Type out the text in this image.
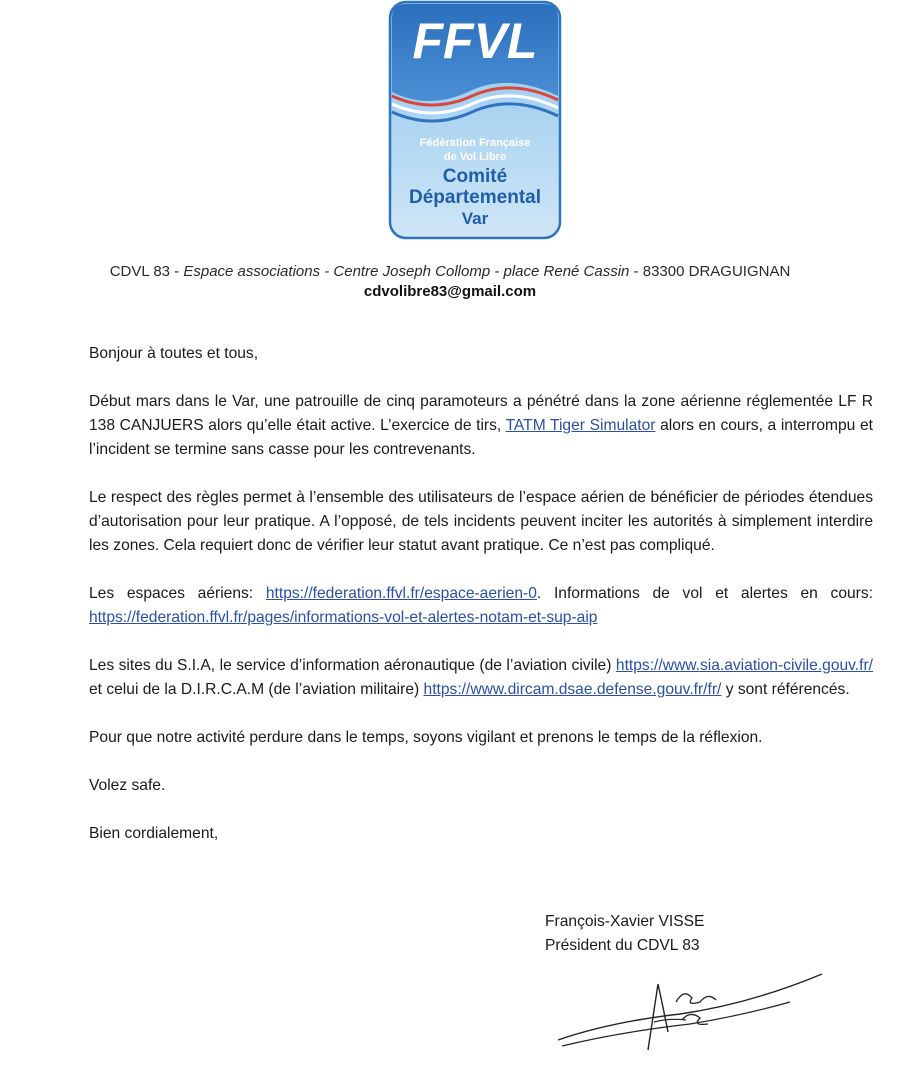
FFVL
Fédération Française
de Vol Libre
Comité
Départemental
Var
CDVL 83 - Espace associations - Centre Joseph Collomp - place René Cassin - 83300 DRAGUIGNAN
cdvolibre83@gmail.com

Bonjour à toutes et tous,

Début mars dans le Var, une patrouille de cinq paramoteurs a pénétré dans la zone aérienne réglementée LF R 138 CANJUERS alors qu’elle était active. L’exercice de tirs, TATM Tiger Simulator alors en cours, a interrompu et l’incident se termine sans casse pour les contrevenants.

Le respect des règles permet à l’ensemble des utilisateurs de l’espace aérien de bénéficier de périodes étendues d’autorisation pour leur pratique. A l’opposé, de tels incidents peuvent inciter les autorités à simplement interdire les zones. Cela requiert donc de vérifier leur statut avant pratique. Ce n’est pas compliqué.

Les espaces aériens: https://federation.ffvl.fr/espace-aerien-0. Informations de vol et alertes en cours: https://federation.ffvl.fr/pages/informations-vol-et-alertes-notam-et-sup-aip

Les sites du S.I.A, le service d’information aéronautique (de l’aviation civile) https://www.sia.aviation-civile.gouv.fr/ et celui de la D.I.R.C.A.M (de l’aviation militaire) https://www.dircam.dsae.defense.gouv.fr/fr/ y sont référencés.

Pour que notre activité perdure dans le temps, soyons vigilant et prenons le temps de la réflexion.

Volez safe.

Bien cordialement,

François-Xavier VISSE
Président du CDVL 83
